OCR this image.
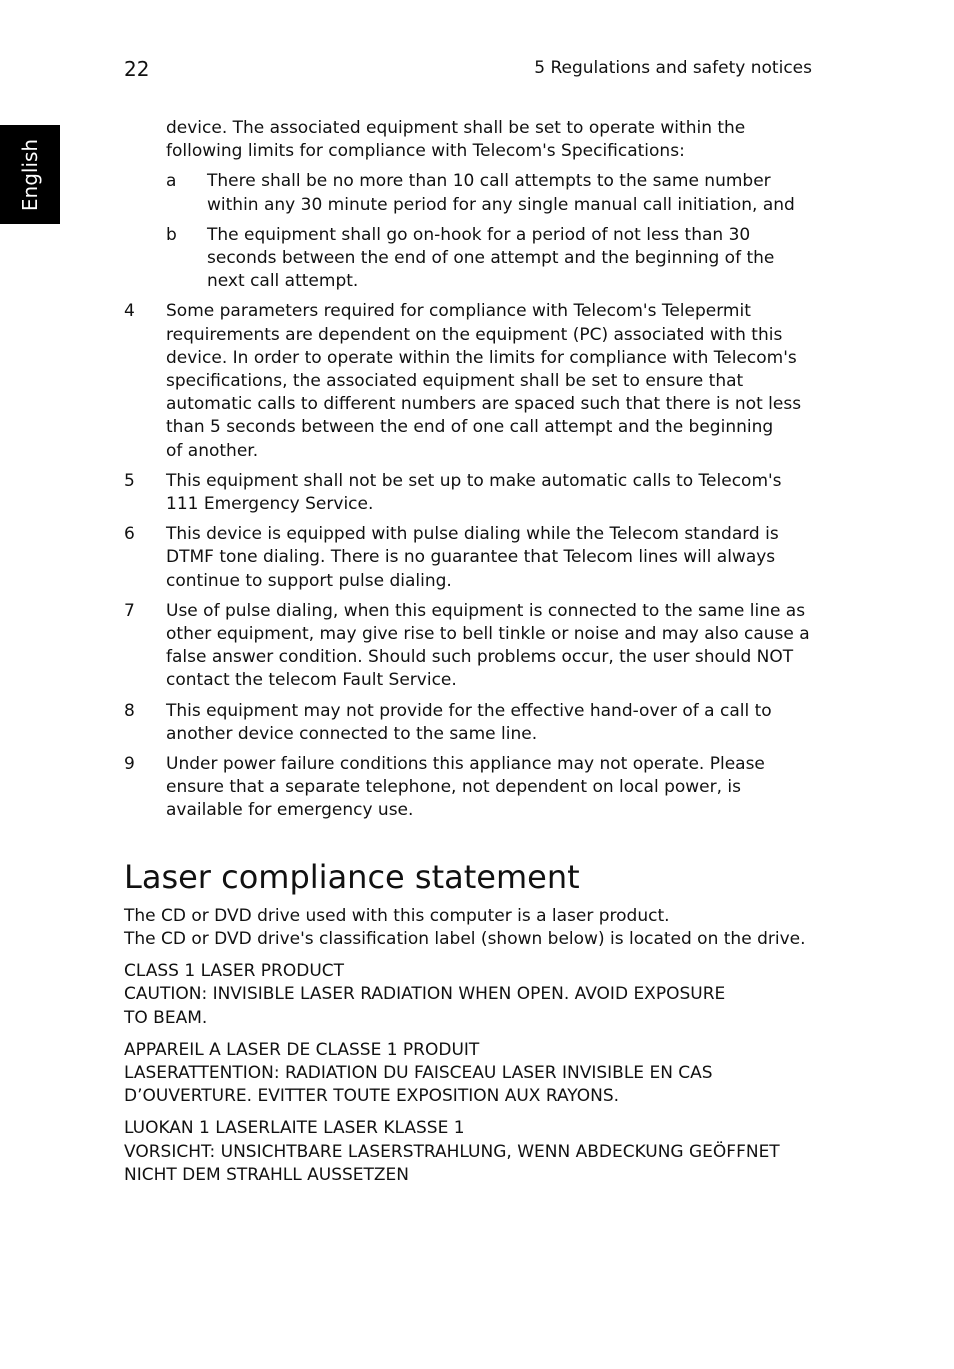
22	5 Regulations and safety notices
English

device. The associated equipment shall be set to operate within the
following limits for compliance with Telecom's Specifications:

a	There shall be no more than 10 call attempts to the same number
within any 30 minute period for any single manual call initiation, and
b	The equipment shall go on-hook for a period of not less than 30
seconds between the end of one attempt and the beginning of the
next call attempt.
4	Some parameters required for compliance with Telecom's Telepermit
requirements are dependent on the equipment (PC) associated with this
device. In order to operate within the limits for compliance with Telecom's
specifications, the associated equipment shall be set to ensure that
automatic calls to different numbers are spaced such that there is not less
than 5 seconds between the end of one call attempt and the beginning
of another.
5	This equipment shall not be set up to make automatic calls to Telecom's
111 Emergency Service.
6	This device is equipped with pulse dialing while the Telecom standard is
DTMF tone dialing. There is no guarantee that Telecom lines will always
continue to support pulse dialing.
7	Use of pulse dialing, when this equipment is connected to the same line as
other equipment, may give rise to bell tinkle or noise and may also cause a
false answer condition. Should such problems occur, the user should NOT
contact the telecom Fault Service.
8	This equipment may not provide for the effective hand-over of a call to
another device connected to the same line.
9	Under power failure conditions this appliance may not operate. Please
ensure that a separate telephone, not dependent on local power, is
available for emergency use.
Laser compliance statement

The CD or DVD drive used with this computer is a laser product.
The CD or DVD drive's classification label (shown below) is located on the drive.

CLASS 1 LASER PRODUCT
CAUTION: INVISIBLE LASER RADIATION WHEN OPEN. AVOID EXPOSURE
TO BEAM.

APPAREIL A LASER DE CLASSE 1 PRODUIT
LASERATTENTION: RADIATION DU FAISCEAU LASER INVISIBLE EN CAS
D’OUVERTURE. EVITTER TOUTE EXPOSITION AUX RAYONS.

LUOKAN 1 LASERLAITE LASER KLASSE 1
VORSICHT: UNSICHTBARE LASERSTRAHLUNG, WENN ABDECKUNG GEÖFFNET
NICHT DEM STRAHLL AUSSETZEN
